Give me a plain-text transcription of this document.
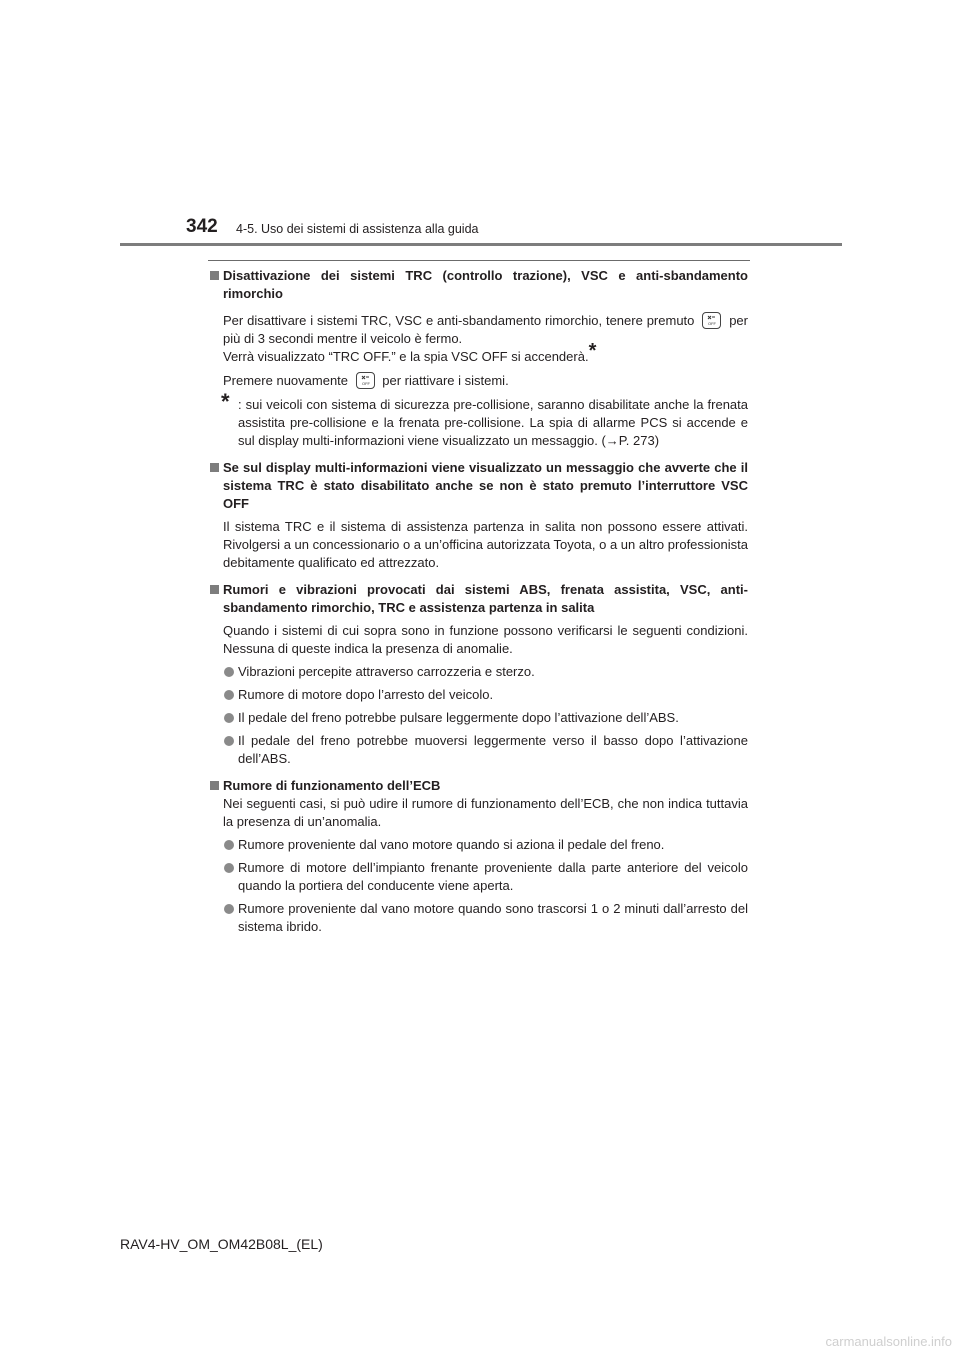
342 4-5. Uso dei sistemi di assistenza alla guida
Disattivazione dei sistemi TRC (controllo trazione), VSC e anti-sbandamento rimorchio
Per disattivare i sistemi TRC, VSC e anti-sbandamento rimorchio, tenere premuto	OFF per più di 3 secondi mentre il veicolo è fermo.
Verrà visualizzato “TRC OFF.” e la spia VSC OFF si accenderà.*
Premere nuovamente	OFF per riattivare i sistemi.
* : sui veicoli con sistema di sicurezza pre-collisione, saranno disabilitate anche la frenata assistita pre-collisione e la frenata pre-collisione. La spia di allarme PCS si accende e sul display multi-informazioni viene visualizzato un messaggio. (→P. 273)
Se sul display multi-informazioni viene visualizzato un messaggio che avverte che il sistema TRC è stato disabilitato anche se non è stato premuto l’interruttore VSC OFF
Il sistema TRC e il sistema di assistenza partenza in salita non possono essere attivati. Rivolgersi a un concessionario o a un’officina autorizzata Toyota, o a un altro professionista debitamente qualificato ed attrezzato.
Rumori e vibrazioni provocati dai sistemi ABS, frenata assistita, VSC, anti-sbandamento rimorchio, TRC e assistenza partenza in salita
Quando i sistemi di cui sopra sono in funzione possono verificarsi le seguenti condizioni. Nessuna di queste indica la presenza di anomalie.
Vibrazioni percepite attraverso carrozzeria e sterzo.
Rumore di motore dopo l’arresto del veicolo.
Il pedale del freno potrebbe pulsare leggermente dopo l’attivazione dell’ABS.
Il pedale del freno potrebbe muoversi leggermente verso il basso dopo l’attivazione dell’ABS.
Rumore di funzionamento dell’ECB
Nei seguenti casi, si può udire il rumore di funzionamento dell’ECB, che non indica tuttavia la presenza di un’anomalia.
Rumore proveniente dal vano motore quando si aziona il pedale del freno.
Rumore di motore dell’impianto frenante proveniente dalla parte anteriore del veicolo quando la portiera del conducente viene aperta.
Rumore proveniente dal vano motore quando sono trascorsi 1 o 2 minuti dall’arresto del sistema ibrido.
RAV4-HV_OM_OM42B08L_(EL)
carmanualsonline.info
